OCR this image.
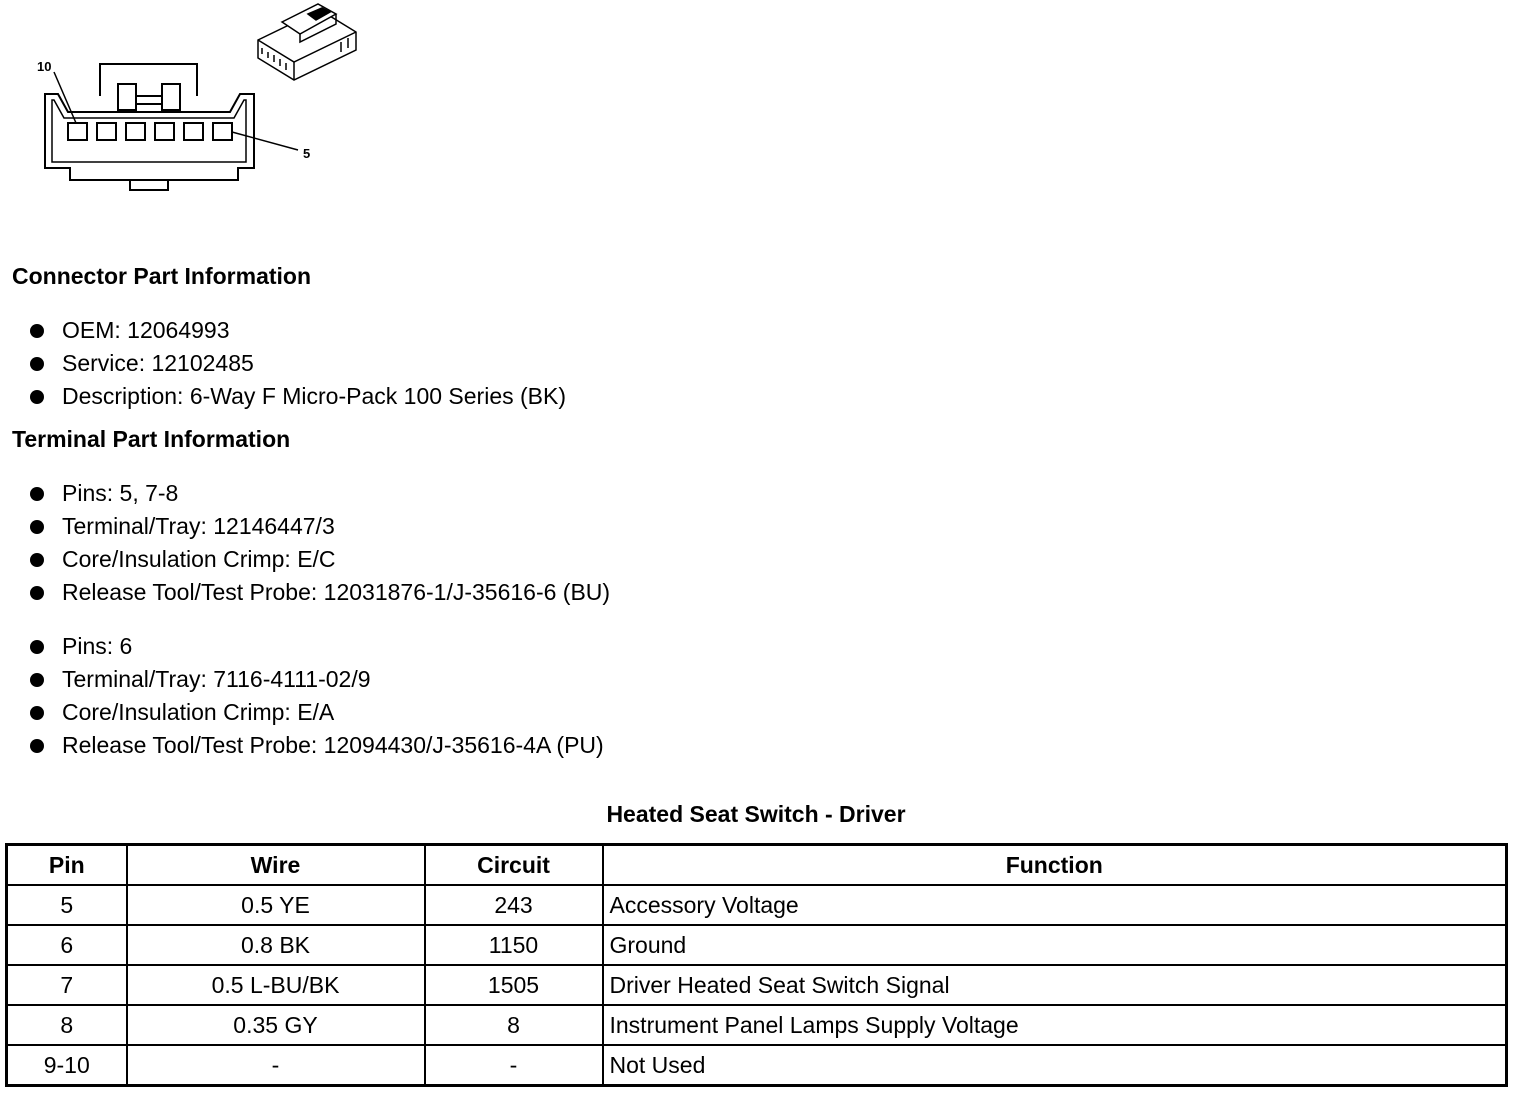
10
5
Connector Part Information
OEM: 12064993
Service: 12102485
Description: 6-Way F Micro-Pack 100 Series (BK)
Terminal Part Information
Pins: 5, 7-8
Terminal/Tray: 12146447/3
Core/Insulation Crimp: E/C
Release Tool/Test Probe: 12031876-1/J-35616-6 (BU)
Pins: 6
Terminal/Tray: 7116-4111-02/9
Core/Insulation Crimp: E/A
Release Tool/Test Probe: 12094430/J-35616-4A (PU)
Heated Seat Switch - Driver
Pin	Wire	Circuit	Function
5	0.5 YE	243	Accessory Voltage
6	0.8 BK	1150	Ground
7	0.5 L-BU/BK	1505	Driver Heated Seat Switch Signal
8	0.35 GY	8	Instrument Panel Lamps Supply Voltage
9-10	-	-	Not Used
